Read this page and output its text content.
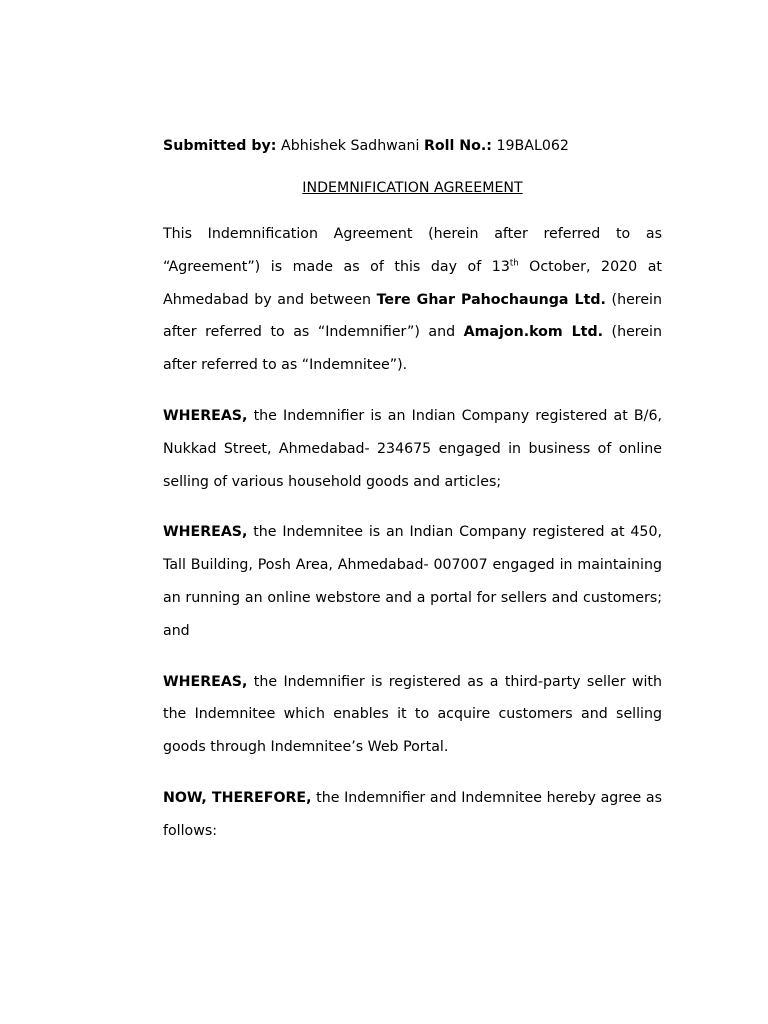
Submitted by: Abhishek Sadhwani Roll No.: 19BAL062
INDEMNIFICATION AGREEMENT

This Indemnification Agreement (herein after referred to as “Agreement”) is made as of this day of 13th October, 2020 at Ahmedabad by and between Tere Ghar Pahochaunga Ltd. (herein after referred to as “Indemnifier”) and Amajon.kom Ltd. (herein after referred to as “Indemnitee”).

WHEREAS, the Indemnifier is an Indian Company registered at B/6, Nukkad Street, Ahmedabad- 234675 engaged in business of online selling of various household goods and articles;

WHEREAS, the Indemnitee is an Indian Company registered at 450, Tall Building, Posh Area, Ahmedabad- 007007 engaged in maintaining an running an online webstore and a portal for sellers and customers; and

WHEREAS, the Indemnifier is registered as a third-party seller with the Indemnitee which enables it to acquire customers and selling goods through Indemnitee’s Web Portal.

NOW, THEREFORE, the Indemnifier and Indemnitee hereby agree as follows:
